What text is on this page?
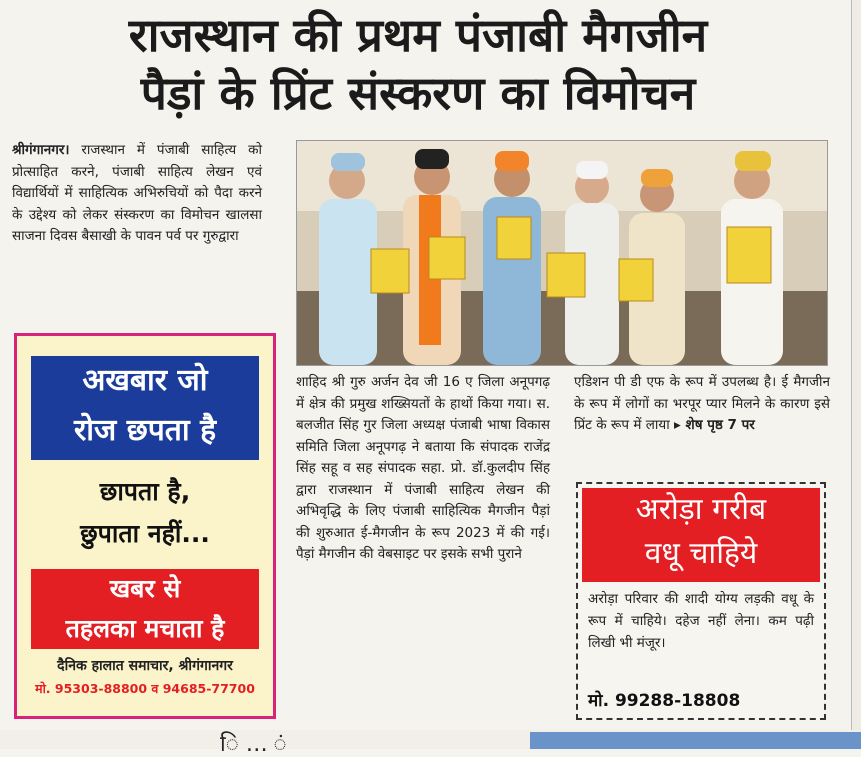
राजस्थान की प्रथम पंजाबी मैगजीन
पैड़ां के प्रिंट संस्करण का विमोचन

श्रीगंगानगर। राजस्थान में पंजाबी साहित्य को प्रोत्साहित करने, पंजाबी साहित्य लेखन एवं विद्यार्थियों में साहित्यिक अभिरुचियों को पैदा करने के उद्देश्य को लेकर संस्करण का विमोचन खालसा साजना दिवस बैसाखी के पावन पर्व पर गुरुद्वारा

अखबार जो
रोज छपता है
छापता है,
छुपाता नहीं...
खबर से
तहलका मचाता है
दैनिक हालात समाचार, श्रीगंगानगर
मो. 95303-88800 व 94685-77700

शाहिद श्री गुरु अर्जन देव जी 16 ए जिला अनूपगढ़ में क्षेत्र की प्रमुख शख्सियतों के हाथों किया गया। स. बलजीत सिंह गुर जिला अध्यक्ष पंजाबी भाषा विकास समिति जिला अनूपगढ़ ने बताया कि संपादक राजेंद्र सिंह सहू व सह संपादक सहा. प्रो. डॉ.कुलदीप सिंह द्वारा राजस्थान में पंजाबी साहित्य लेखन की अभिवृद्धि के लिए पंजाबी साहित्यिक मैगजीन पैड़ां की शुरुआत ई-मैगजीन के रूप 2023 में की गई। पैड़ां मैगजीन की वेबसाइट पर इसके सभी पुराने

एडिशन पी डी एफ के रूप में उपलब्ध है। ई मैगजीन के रूप में लोगों का भरपूर प्यार मिलने के कारण इसे प्रिंट के रूप में लाया ▸ शेष पृष्ठ 7 पर

अरोड़ा गरीब
वधू चाहिये
अरोड़ा परिवार की शादी योग्य लड़की वधू के रूप में चाहिये। दहेज नहीं लेना। कम पढ़ी लिखी भी मंजूर।
मो. 99288-18808
ि … ं
